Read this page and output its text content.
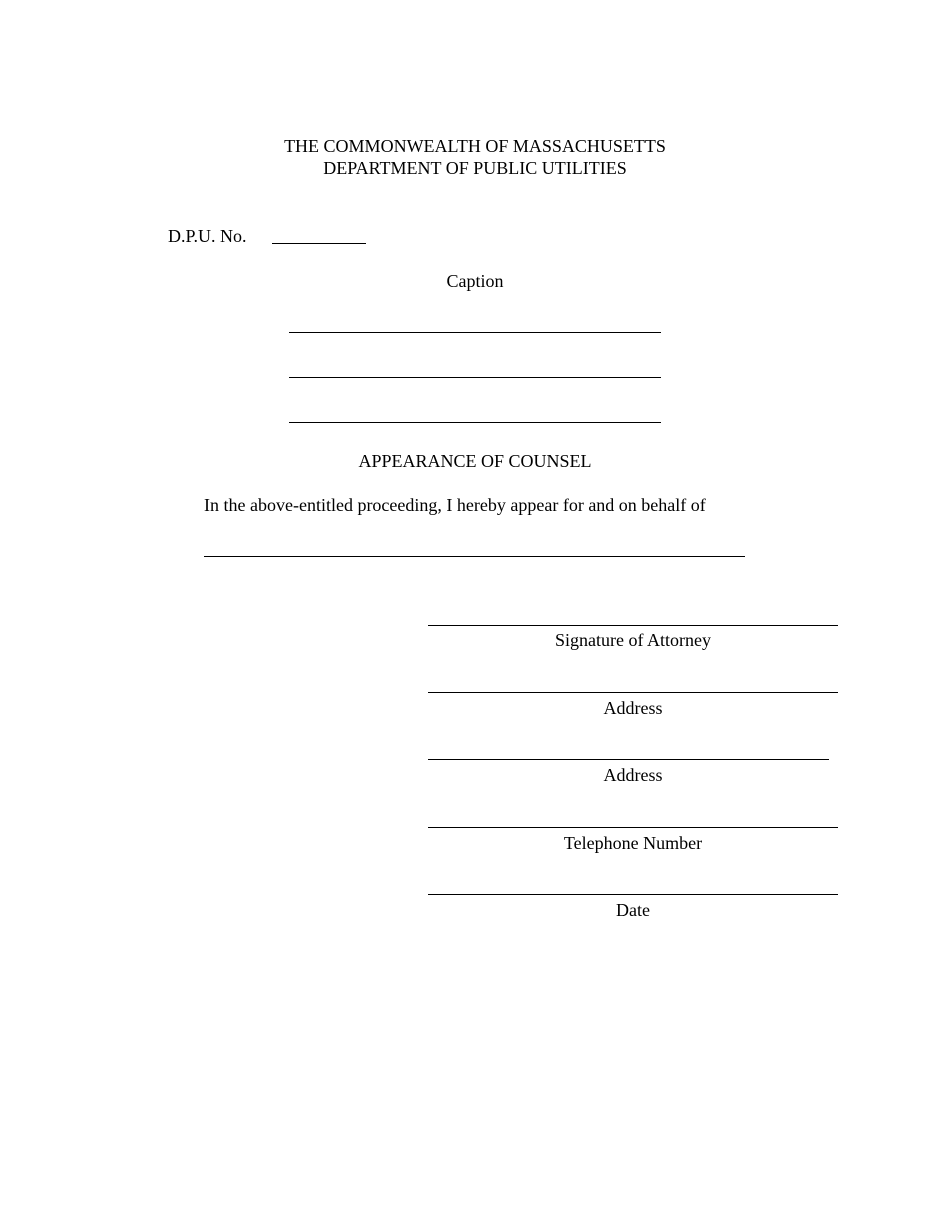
THE COMMONWEALTH OF MASSACHUSETTS
DEPARTMENT OF PUBLIC UTILITIES
D.P.U. No.
Caption
APPEARANCE OF COUNSEL
In the above-entitled proceeding, I hereby appear for and on behalf of
Signature of Attorney
Address
Address
Telephone Number
Date
